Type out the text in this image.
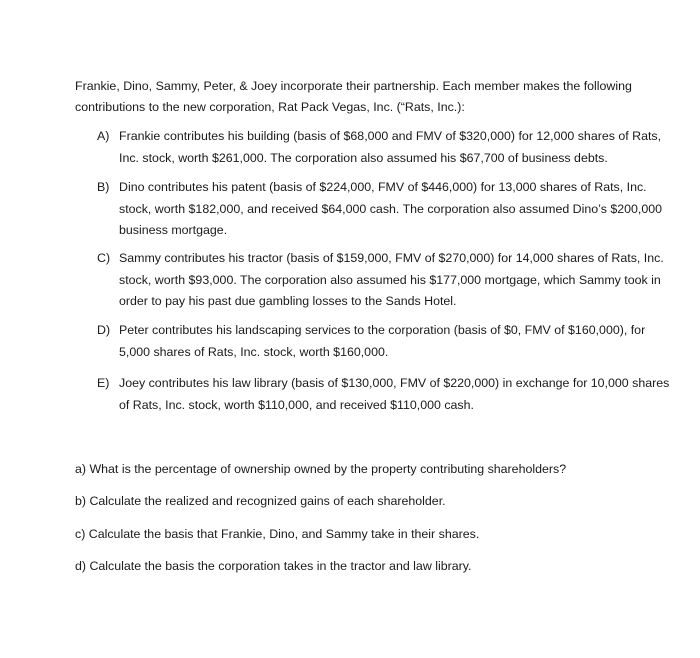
Frankie, Dino, Sammy, Peter, & Joey incorporate their partnership. Each member makes the following contributions to the new corporation, Rat Pack Vegas, Inc. (“Rats, Inc.):

A) Frankie contributes his building (basis of $68,000 and FMV of $320,000) for 12,000 shares of Rats, Inc. stock, worth $261,000. The corporation also assumed his $67,700 of business debts.
B) Dino contributes his patent (basis of $224,000, FMV of $446,000) for 13,000 shares of Rats, Inc. stock, worth $182,000, and received $64,000 cash. The corporation also assumed Dino’s $200,000 business mortgage.
C) Sammy contributes his tractor (basis of $159,000, FMV of $270,000) for 14,000 shares of Rats, Inc. stock, worth $93,000. The corporation also assumed his $177,000 mortgage, which Sammy took in order to pay his past due gambling losses to the Sands Hotel.
D) Peter contributes his landscaping services to the corporation (basis of $0, FMV of $160,000), for 5,000 shares of Rats, Inc. stock, worth $160,000.
E) Joey contributes his law library (basis of $130,000, FMV of $220,000) in exchange for 10,000 shares of Rats, Inc. stock, worth $110,000, and received $110,000 cash.

a) What is the percentage of ownership owned by the property contributing shareholders?

b) Calculate the realized and recognized gains of each shareholder.

c) Calculate the basis that Frankie, Dino, and Sammy take in their shares.

d) Calculate the basis the corporation takes in the tractor and law library.
